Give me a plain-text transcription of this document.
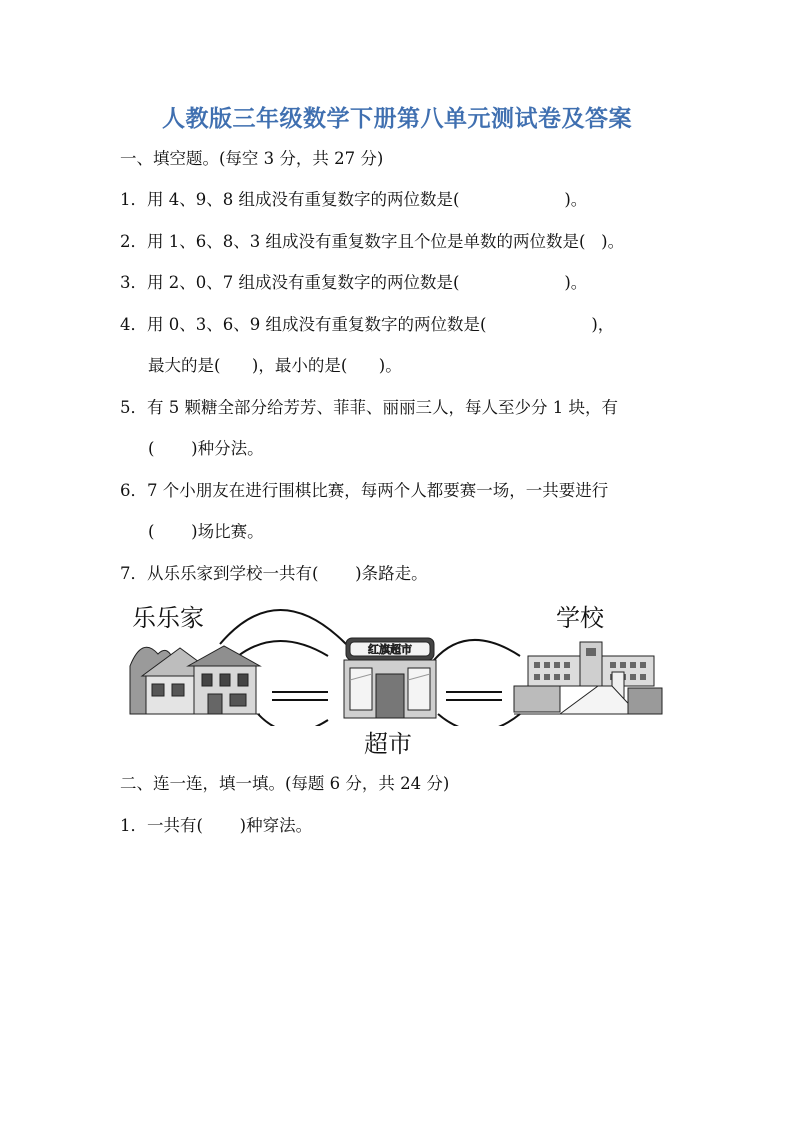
人教版三年级数学下册第八单元测试卷及答案
一、填空题。(每空 3 分，共 27 分)
1．用 4、9、8 组成没有重复数字的两位数是(                    )。
2．用 1、6、8、3 组成没有重复数字且个位是单数的两位数是(   )。
3．用 2、0、7 组成没有重复数字的两位数是(                    )。
4．用 0、3、6、9 组成没有重复数字的两位数是(                    )，
最大的是(      )，最小的是(      )。
5．有 5 颗糖全部分给芳芳、菲菲、丽丽三人，每人至少分 1 块，有
(       )种分法。
6．7 个小朋友在进行围棋比赛，每两个人都要赛一场，一共要进行
(       )场比赛。
7．从乐乐家到学校一共有(       )条路走。
乐乐家	学校
超市
红旗超市
二、连一连，填一填。(每题 6 分，共 24 分)
1．一共有(       )种穿法。
